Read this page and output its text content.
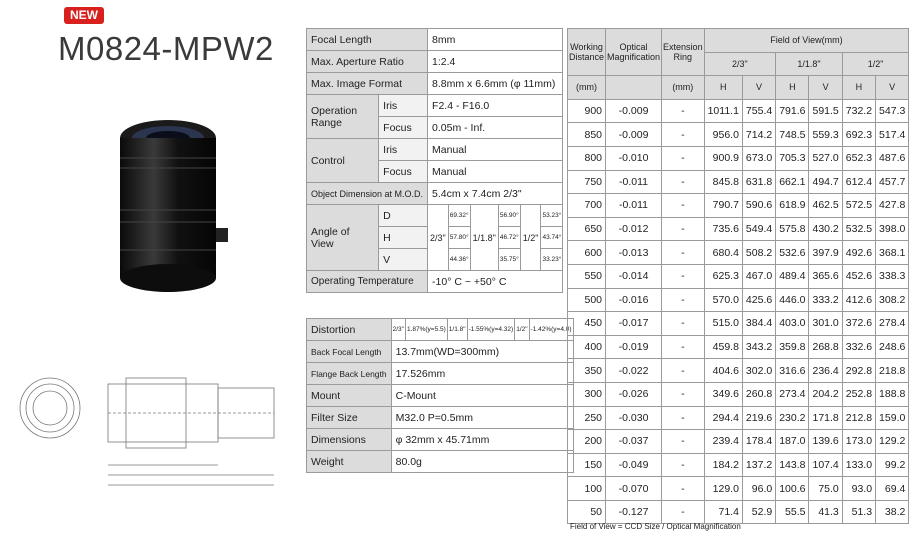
NEW
M0824-MPW2	Focal Length		8mm					
Max. Aperture Ratio		1:2.4					
Max. Image Format		8.8mm x 6.6mm (φ 11mm)					
Operation Range	Iris	F2.4 - F16.0					
	Focus	0.05m - Inf.					
Control	Iris	Manual					
	Focus	Manual					
Object Dimension at M.O.D.		5.4cm x 7.4cm 2/3"					
Angle of View	D	2/3"	69.32°	1/1.8"	56.90°	1/2"	53.23°
	H		57.80°		46.72°		43.74°
	V		44.36°		35.75°		33.23°
Operating Temperature		-10° C ~ +50° C					
Distortion	2/3"	1.87%(y=5.5)	1/1.8"	-1.55%(y=4.32)	1/2"	-1.42%(y=4.0)
Back Focal Length	13.7mm(WD=300mm)					
Flange Back Length	17.526mm					
Mount	C-Mount					
Filter Size	M32.0 P=0.5mm					
Dimensions	φ 32mm x 45.71mm					
Weight	80.0g					
Working Distance	Optical Magnification	Extension Ring	Field of View(mm)					
			2/3"		1/1.8"		1/2"	
(mm)		(mm)	H	V	H	V	H	V
900	-0.009	-	1011.1	755.4	791.6	591.5	732.2	547.3
850	-0.009	-	956.0	714.2	748.5	559.3	692.3	517.4
800	-0.010	-	900.9	673.0	705.3	527.0	652.3	487.6
750	-0.011	-	845.8	631.8	662.1	494.7	612.4	457.7
700	-0.011	-	790.7	590.6	618.9	462.5	572.5	427.8
650	-0.012	-	735.6	549.4	575.8	430.2	532.5	398.0
600	-0.013	-	680.4	508.2	532.6	397.9	492.6	368.1
550	-0.014	-	625.3	467.0	489.4	365.6	452.6	338.3
500	-0.016	-	570.0	425.6	446.0	333.2	412.6	308.2
450	-0.017	-	515.0	384.4	403.0	301.0	372.6	278.4
400	-0.019	-	459.8	343.2	359.8	268.8	332.6	248.6
350	-0.022	-	404.6	302.0	316.6	236.4	292.8	218.8
300	-0.026	-	349.6	260.8	273.4	204.2	252.8	188.8
250	-0.030	-	294.4	219.6	230.2	171.8	212.8	159.0
200	-0.037	-	239.4	178.4	187.0	139.6	173.0	129.2
150	-0.049	-	184.2	137.2	143.8	107.4	133.0	99.2
100	-0.070	-	129.0	96.0	100.6	75.0	93.0	69.4
50	-0.127	-	71.4	52.9	55.5	41.3	51.3	38.2
Field of View = CCD Size / Optical Magnification
